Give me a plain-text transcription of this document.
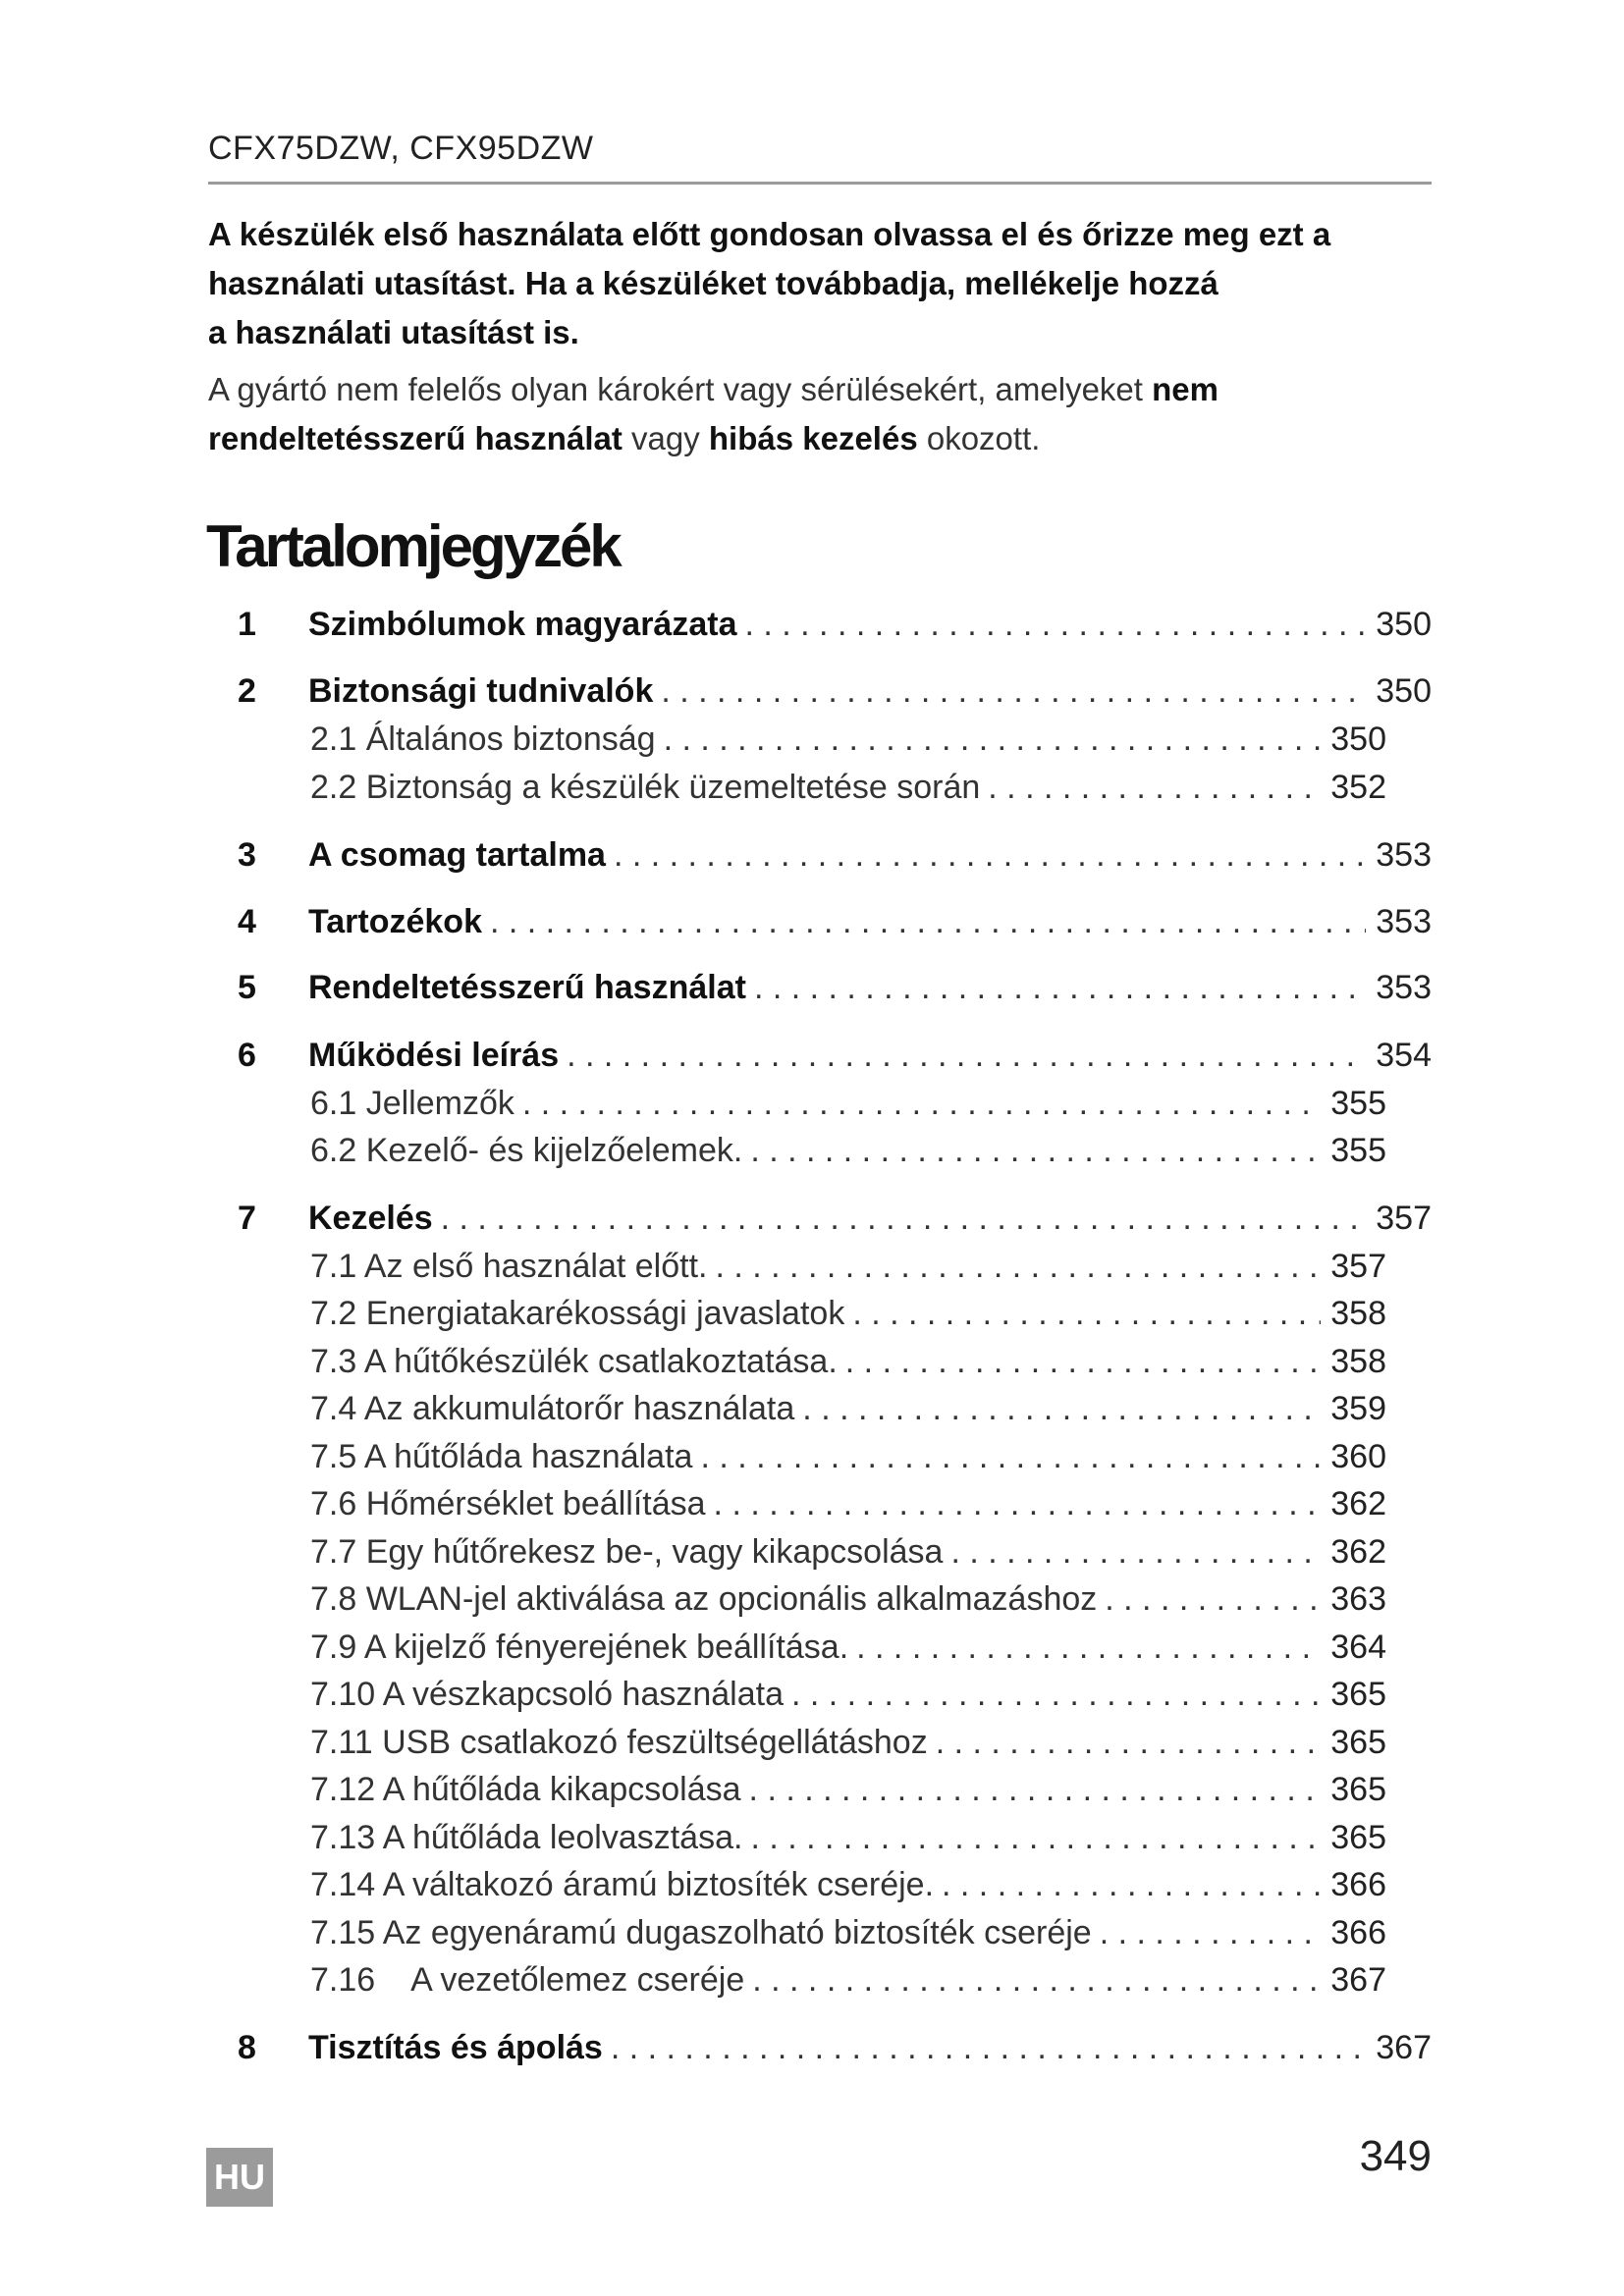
CFX75DZW, CFX95DZW
A készülék első használata előtt gondosan olvassa el és őrizze meg ezt a
használati utasítást. Ha a készüléket továbbadja, mellékelje hozzá
a használati utasítást is.
A gyártó nem felelős olyan károkért vagy sérülésekért, amelyeket nem
rendeltetésszerű használat vagy hibás kezelés okozott.
Tartalomjegyzék
1 Szimbólumok magyarázata . . .	350
2 Biztonsági tudnivalók . . .	350
2.1 Általános biztonság . . .	350
2.2 Biztonság a készülék üzemeltetése során . . .	352
3 A csomag tartalma . . .	353
4 Tartozékok . . .	353
5 Rendeltetésszerű használat . . .	353
6 Működési leírás . . .	354
6.1 Jellemzők . . .	355
6.2 Kezelő- és kijelzőelemek. . . .	355
7 Kezelés . . .	357
7.1 Az első használat előtt. . . .	357
7.2 Energiatakarékossági javaslatok . . .	358
7.3 A hűtőkészülék csatlakoztatása. . . .	358
7.4 Az akkumulátorőr használata . . .	359
7.5 A hűtőláda használata . . .	360
7.6 Hőmérséklet beállítása . . .	362
7.7 Egy hűtőrekesz be-, vagy kikapcsolása . . .	362
7.8 WLAN-jel aktiválása az opcionális alkalmazáshoz . . .	363
7.9 A kijelző fényerejének beállítása. . . .	364
7.10 A vészkapcsoló használata . . .	365
7.11 USB csatlakozó feszültségellátáshoz . . .	365
7.12 A hűtőláda kikapcsolása . . .	365
7.13 A hűtőláda leolvasztása. . . .	365
7.14 A váltakozó áramú biztosíték cseréje. . . .	366
7.15 Az egyenáramú dugaszolható biztosíték cseréje . . .	366
7.16    A vezetőlemez cseréje . . .	367
8 Tisztítás és ápolás . . .	367
HU	349
